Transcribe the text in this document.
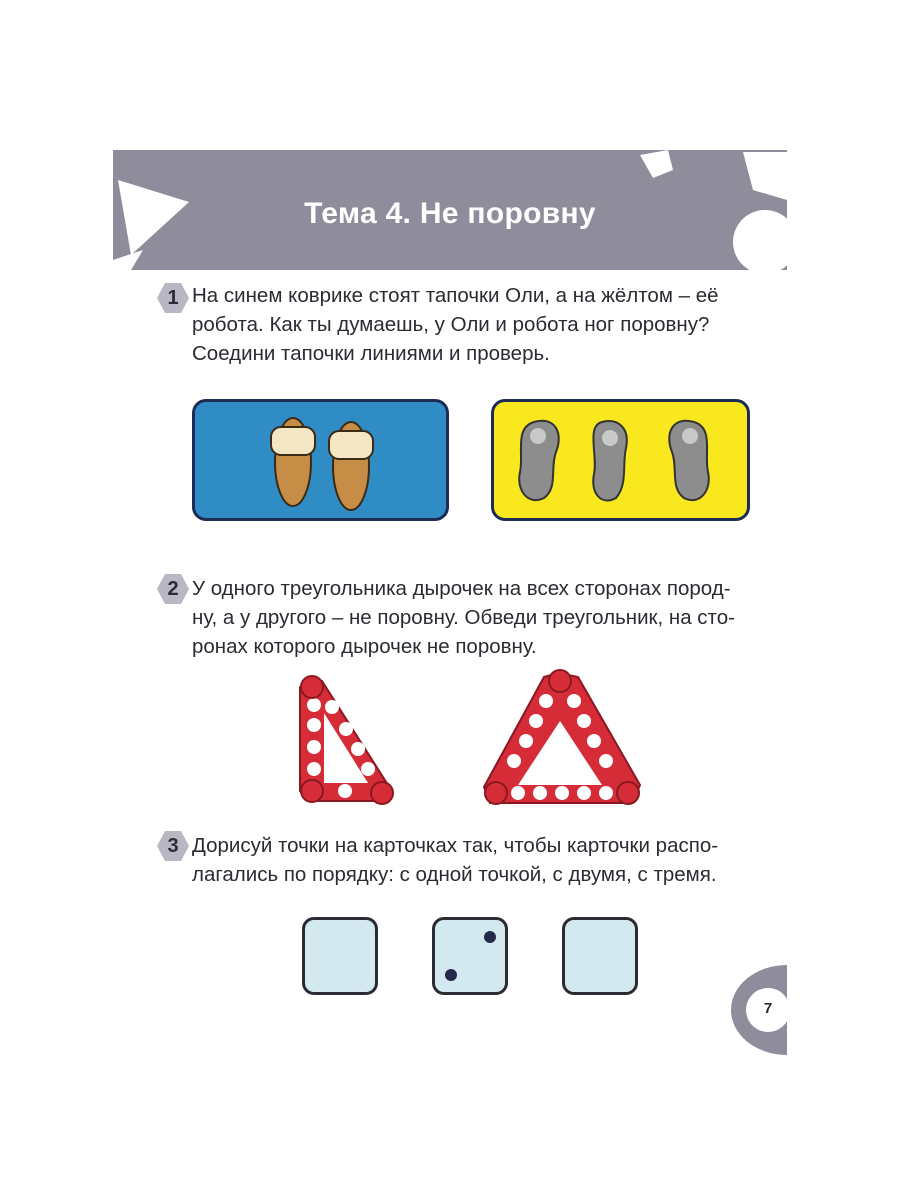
Тема 4. Не поровну
1 На синем коврике стоят тапочки Оли, а на жёлтом – её
робота. Как ты думаешь, у Оли и робота ног поровну?
Соедини тапочки линиями и проверь.
2 У одного треугольника дырочек на всех сторонах пород-
ну, а у другого – не поровну. Обведи треугольник, на сто-
ронах которого дырочек не поровну.
3 Дорисуй точки на карточках так, чтобы карточки распо-
лагались по порядку: с одной точкой, с двумя, с тремя.
7
